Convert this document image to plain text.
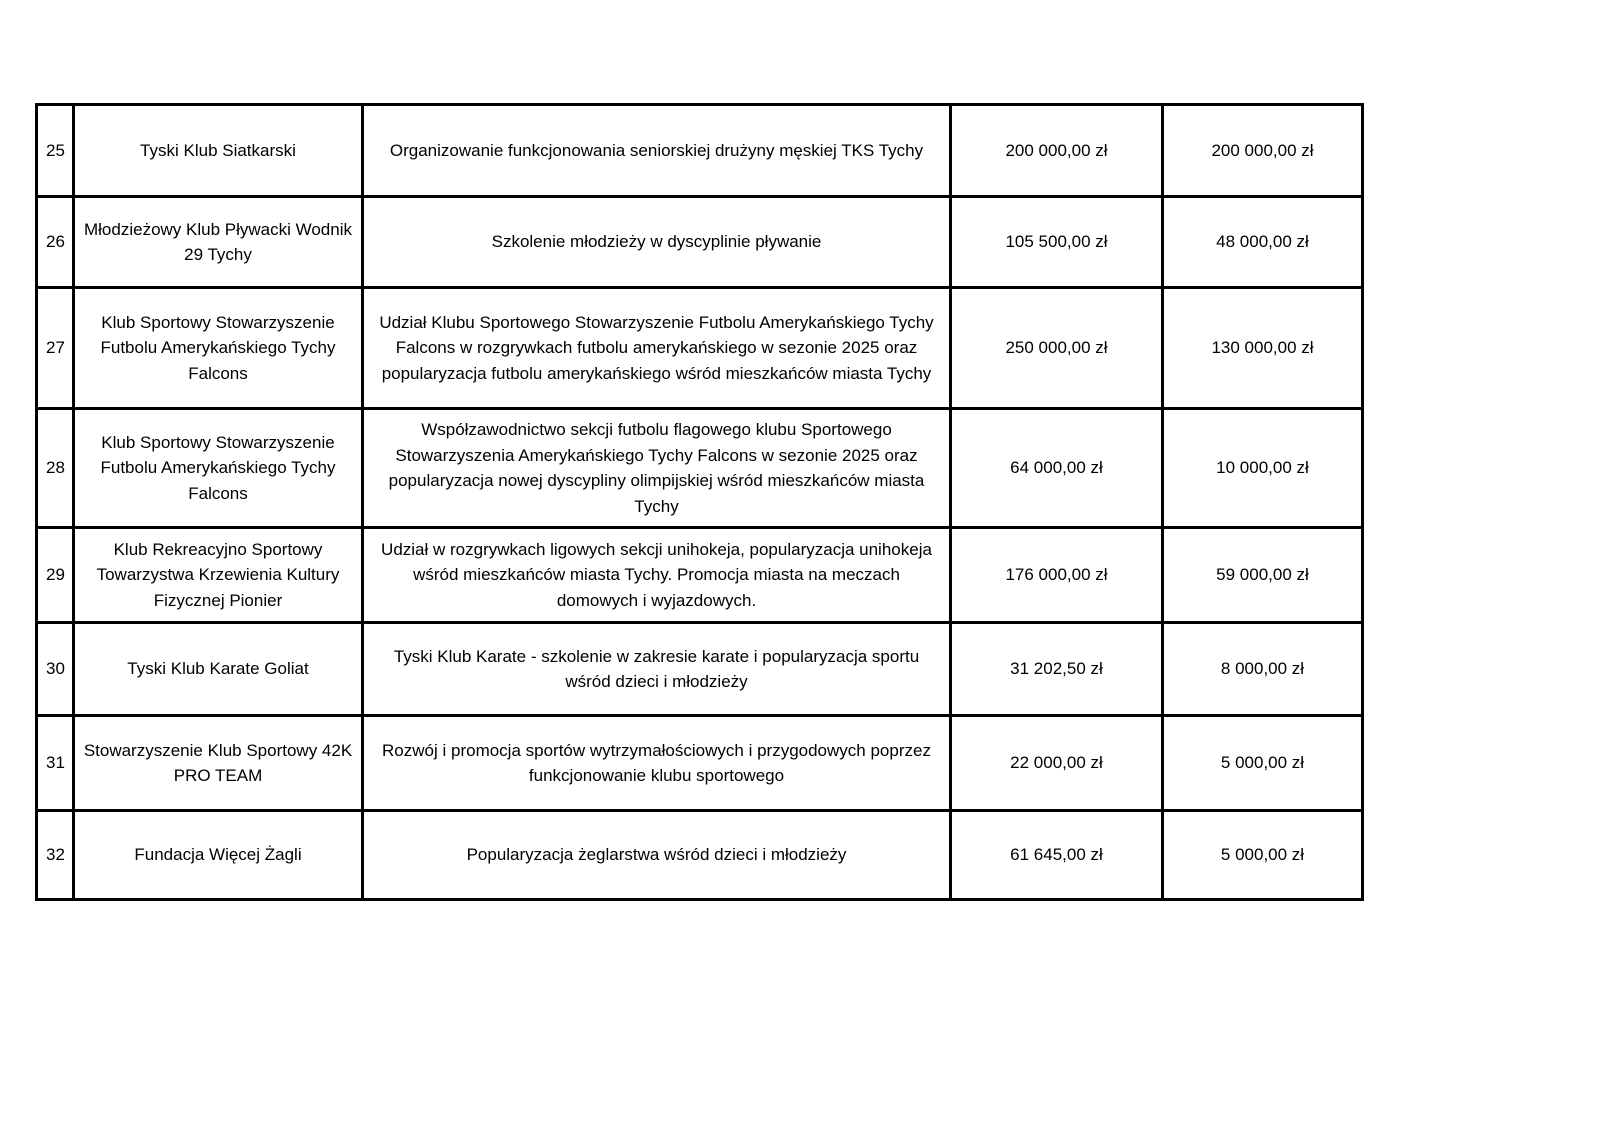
25	Tyski Klub Siatkarski	Organizowanie funkcjonowania seniorskiej drużyny męskiej TKS Tychy	200 000,00 zł	200 000,00 zł
26	Młodzieżowy Klub Pływacki Wodnik 29 Tychy	Szkolenie młodzieży w dyscyplinie pływanie	105 500,00 zł	48 000,00 zł
27	Klub Sportowy Stowarzyszenie Futbolu Amerykańskiego Tychy Falcons	Udział Klubu Sportowego Stowarzyszenie Futbolu Amerykańskiego Tychy Falcons w rozgrywkach futbolu amerykańskiego w sezonie 2025 oraz popularyzacja futbolu amerykańskiego wśród mieszkańców miasta Tychy	250 000,00 zł	130 000,00 zł
28	Klub Sportowy Stowarzyszenie Futbolu Amerykańskiego Tychy Falcons	Współzawodnictwo sekcji futbolu flagowego klubu Sportowego Stowarzyszenia Amerykańskiego Tychy Falcons w sezonie 2025 oraz popularyzacja nowej dyscypliny olimpijskiej wśród mieszkańców miasta Tychy	64 000,00 zł	10 000,00 zł
29	Klub Rekreacyjno Sportowy Towarzystwa Krzewienia Kultury Fizycznej Pionier	Udział w rozgrywkach ligowych sekcji unihokeja, popularyzacja unihokeja wśród mieszkańców miasta Tychy. Promocja miasta na meczach domowych i wyjazdowych.	176 000,00 zł	59 000,00 zł
30	Tyski Klub Karate Goliat	Tyski Klub Karate - szkolenie w zakresie karate i popularyzacja sportu wśród dzieci i młodzieży	31 202,50 zł	8 000,00 zł
31	Stowarzyszenie Klub Sportowy 42K PRO TEAM	Rozwój i promocja sportów wytrzymałościowych i przygodowych poprzez funkcjonowanie klubu sportowego	22 000,00 zł	5 000,00 zł
32	Fundacja Więcej Żagli	Popularyzacja żeglarstwa wśród dzieci i młodzieży	61 645,00 zł	5 000,00 zł
